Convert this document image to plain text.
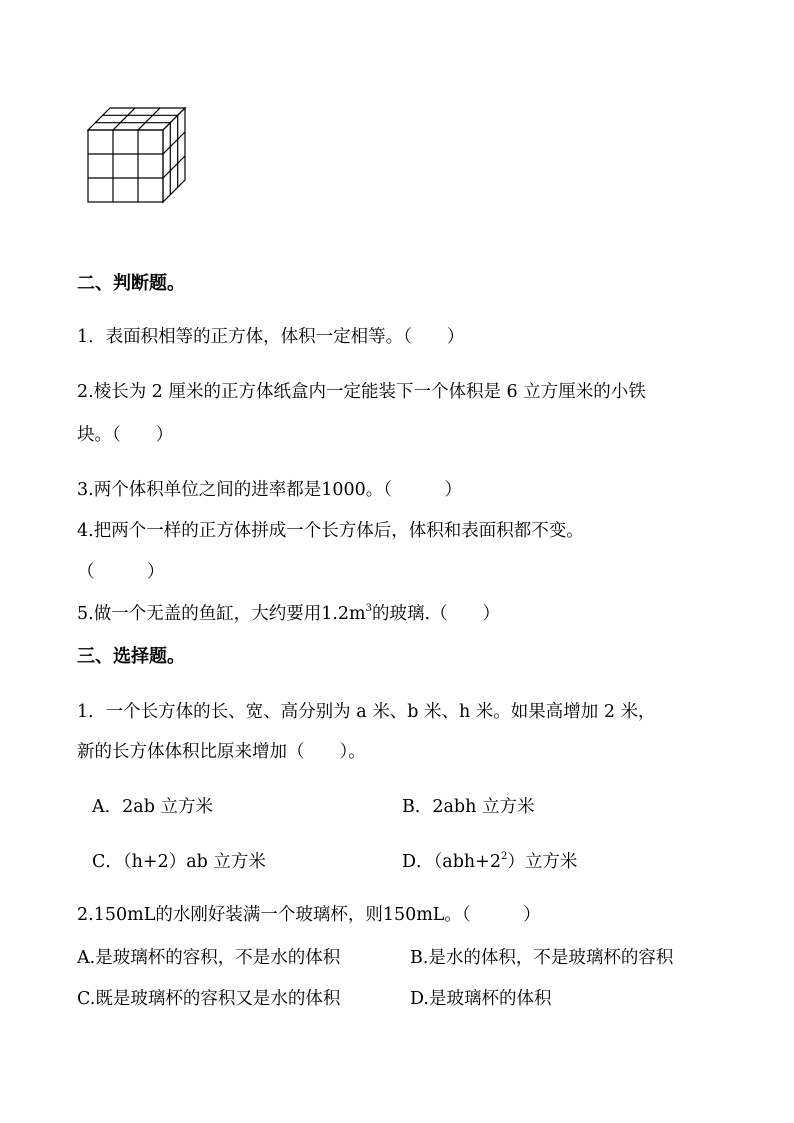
二、判断题。
1．表面积相等的正方体，体积一定相等。（　　）
2.棱长为 2 厘米的正方体纸盒内一定能装下一个体积是 6 立方厘米的小铁
块。（　　）
3.两个体积单位之间的进率都是1000。（　　　）
4.把两个一样的正方体拼成一个长方体后，体积和表面积都不变。
（　　　）
5.做一个无盖的鱼缸，大约要用$1.2m^3$的玻璃.（　　）
三、选择题。
1．一个长方体的长、宽、高分别为 a 米、b 米、h 米。如果高增加 2 米，
新的长方体体积比原来增加（　　）。
A．2ab 立方米	B．2abh 立方米
C．（h+2）ab 立方米	D．$(abh+2^2)$立方米
2.150mL的水刚好装满一个玻璃杯，则150mL。（　　　）
A.是玻璃杯的容积，不是水的体积	B.是水的体积，不是玻璃杯的容积
C.既是玻璃杯的容积又是水的体积	D.是玻璃杯的体积
